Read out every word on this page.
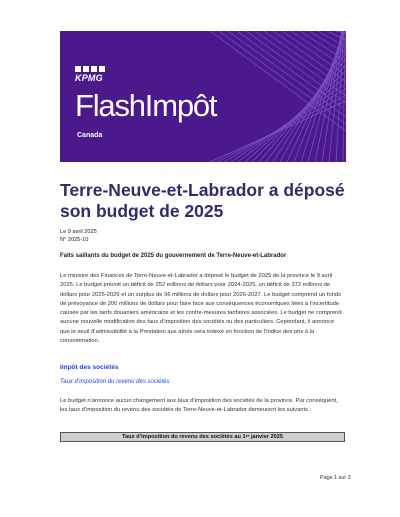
KPMG
FlashImpôt
Canada
Terre-Neuve-et-Labrador a déposé son budget de 2025
Le 9 avril 2025
N° 2025-10
Faits saillants du budget de 2025 du gouvernement de Terre-Neuve-et-Labrador

Le ministre des Finances de Terre-Neuve-et-Labrador a déposé le budget de 2025 de la province le 9 avril 2025. Le budget prévoit un déficit de 252 millions de dollars pour 2024-2025, un déficit de 372 millions de dollars pour 2025-2026 et un surplus de 96 millions de dollars pour 2026-2027. Le budget comprend un fonds de prévoyance de 200 millions de dollars pour faire face aux conséquences économiques liées à l’incertitude causée par les tarifs douaniers américains et les contre-mesures tarifaires associées. Le budget ne comprend aucune nouvelle modification des taux d’imposition des sociétés ou des particuliers. Cependant, il annonce que le seuil d’admissibilité à la Prestation aux aînés sera indexé en fonction de l’indice des prix à la consommation.

Impôt des sociétés
Taux d’imposition du revenu des sociétés

Le budget n’annonce aucun changement aux taux d’imposition des sociétés de la province. Par conséquent, les taux d’imposition du revenu des sociétés de Terre-Neuve-et-Labrador demeurent les suivants :

Taux d’imposition du revenu des sociétés au 1er janvier 2025
Page 1 sur 3
